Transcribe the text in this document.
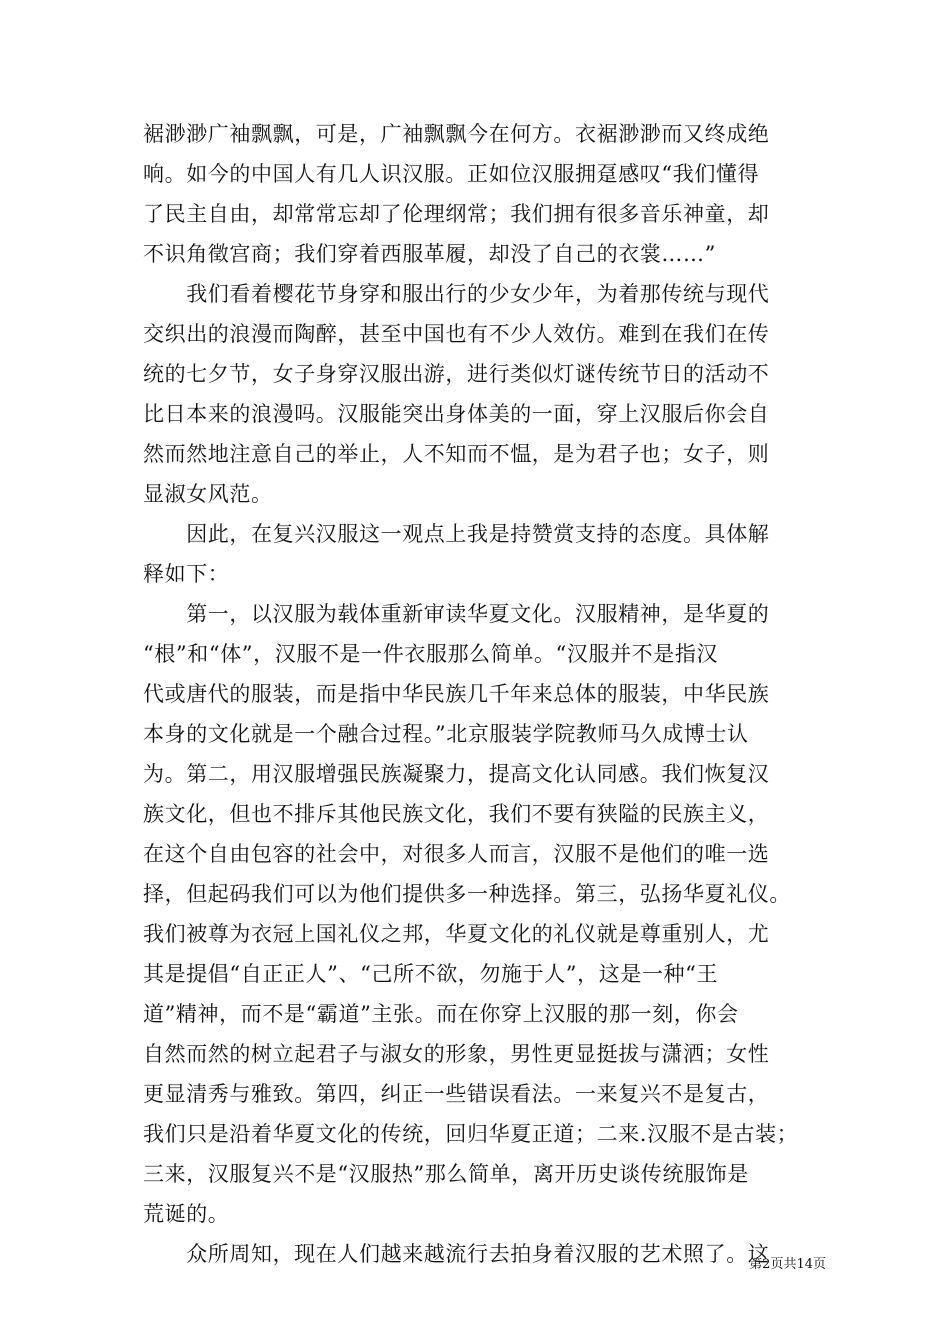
裾渺渺广袖飘飘，可是，广袖飘飘今在何方。衣裾渺渺而又终成绝
响。如今的中国人有几人识汉服。正如位汉服拥趸感叹“我们懂得
了民主自由，却常常忘却了伦理纲常；我们拥有很多音乐神童，却
不识角徵宫商；我们穿着西服革履，却没了自己的衣裳……”
　　我们看着樱花节身穿和服出行的少女少年，为着那传统与现代
交织出的浪漫而陶醉，甚至中国也有不少人效仿。难到在我们在传
统的七夕节，女子身穿汉服出游，进行类似灯谜传统节日的活动不
比日本来的浪漫吗。汉服能突出身体美的一面，穿上汉服后你会自
然而然地注意自己的举止，人不知而不愠，是为君子也；女子，则
显淑女风范。
　　因此，在复兴汉服这一观点上我是持赞赏支持的态度。具体解
释如下：
　　第一，以汉服为载体重新审读华夏文化。汉服精神，是华夏的
“根”和“体”，汉服不是一件衣服那么简单。“汉服并不是指汉
代或唐代的服装，而是指中华民族几千年来总体的服装，中华民族
本身的文化就是一个融合过程。”北京服装学院教师马久成博士认
为。第二，用汉服增强民族凝聚力，提高文化认同感。我们恢复汉
族文化，但也不排斥其他民族文化，我们不要有狭隘的民族主义，
在这个自由包容的社会中，对很多人而言，汉服不是他们的唯一选
择，但起码我们可以为他们提供多一种选择。第三，弘扬华夏礼仪。
我们被尊为衣冠上国礼仪之邦，华夏文化的礼仪就是尊重别人，尤
其是提倡“自正正人”、“己所不欲，勿施于人”，这是一种“王
道”精神，而不是“霸道”主张。而在你穿上汉服的那一刻，你会
自然而然的树立起君子与淑女的形象，男性更显挺拔与潇洒；女性
更显清秀与雅致。第四，纠正一些错误看法。一来复兴不是复古，
我们只是沿着华夏文化的传统，回归华夏正道；二来.汉服不是古装；
三来，汉服复兴不是“汉服热”那么简单，离开历史谈传统服饰是
荒诞的。
　　众所周知，现在人们越来越流行去拍身着汉服的艺术照了。这
第2页共14页
